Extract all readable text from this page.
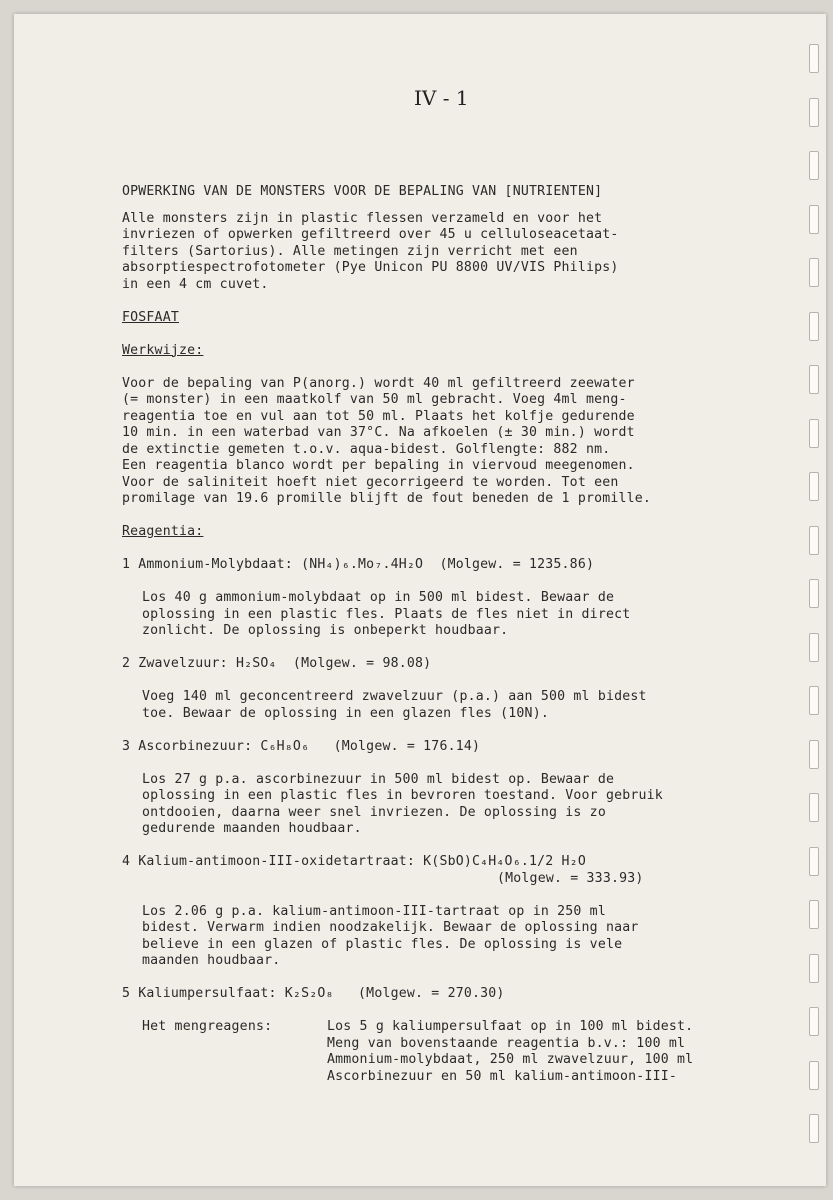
IV - 1
OPWERKING VAN DE MONSTERS VOOR DE BEPALING VAN [NUTRIENTEN]
Alle monsters zijn in plastic flessen verzameld en voor het
invriezen of opwerken gefiltreerd over 45 u celluloseacetaat-
filters (Sartorius). Alle metingen zijn verricht met een
absorptiespectrofotometer (Pye Unicon PU 8800 UV/VIS Philips)
in een 4 cm cuvet.
FOSFAAT
Werkwijze:
Voor de bepaling van P(anorg.) wordt 40 ml gefiltreerd zeewater
(= monster) in een maatkolf van 50 ml gebracht. Voeg 4ml meng-
reagentia toe en vul aan tot 50 ml. Plaats het kolfje gedurende
10 min. in een waterbad van 37°C. Na afkoelen (± 30 min.) wordt
de extinctie gemeten t.o.v. aqua-bidest. Golflengte: 882 nm.
Een reagentia blanco wordt per bepaling in viervoud meegenomen.
Voor de saliniteit hoeft niet gecorrigeerd te worden. Tot een
promilage van 19.6 promille blijft de fout beneden de 1 promille.
Reagentia:
1 Ammonium-Molybdaat: (NH₄)₆.Mo₇.4H₂O  (Molgew. = 1235.86)
Los 40 g ammonium-molybdaat op in 500 ml bidest. Bewaar de
oplossing in een plastic fles. Plaats de fles niet in direct
zonlicht. De oplossing is onbeperkt houdbaar.
2 Zwavelzuur: H₂SO₄  (Molgew. = 98.08)
Voeg 140 ml geconcentreerd zwavelzuur (p.a.) aan 500 ml bidest
toe. Bewaar de oplossing in een glazen fles (10N).
3 Ascorbinezuur: C₆H₈O₆   (Molgew. = 176.14)
Los 27 g p.a. ascorbinezuur in 500 ml bidest op. Bewaar de
oplossing in een plastic fles in bevroren toestand. Voor gebruik
ontdooien, daarna weer snel invriezen. De oplossing is zo
gedurende maanden houdbaar.
4 Kalium-antimoon-III-oxidetartraat: K(SbO)C₄H₄O₆.1/2 H₂O
(Molgew. = 333.93)
Los 2.06 g p.a. kalium-antimoon-III-tartraat op in 250 ml
bidest. Verwarm indien noodzakelijk. Bewaar de oplossing naar
believe in een glazen of plastic fles. De oplossing is vele
maanden houdbaar.
5 Kaliumpersulfaat: K₂S₂O₈   (Molgew. = 270.30)
Het mengreagens:	Los 5 g kaliumpersulfaat op in 100 ml bidest.
Meng van bovenstaande reagentia b.v.: 100 ml
Ammonium-molybdaat, 250 ml zwavelzuur, 100 ml
Ascorbinezuur en 50 ml kalium-antimoon-III-
